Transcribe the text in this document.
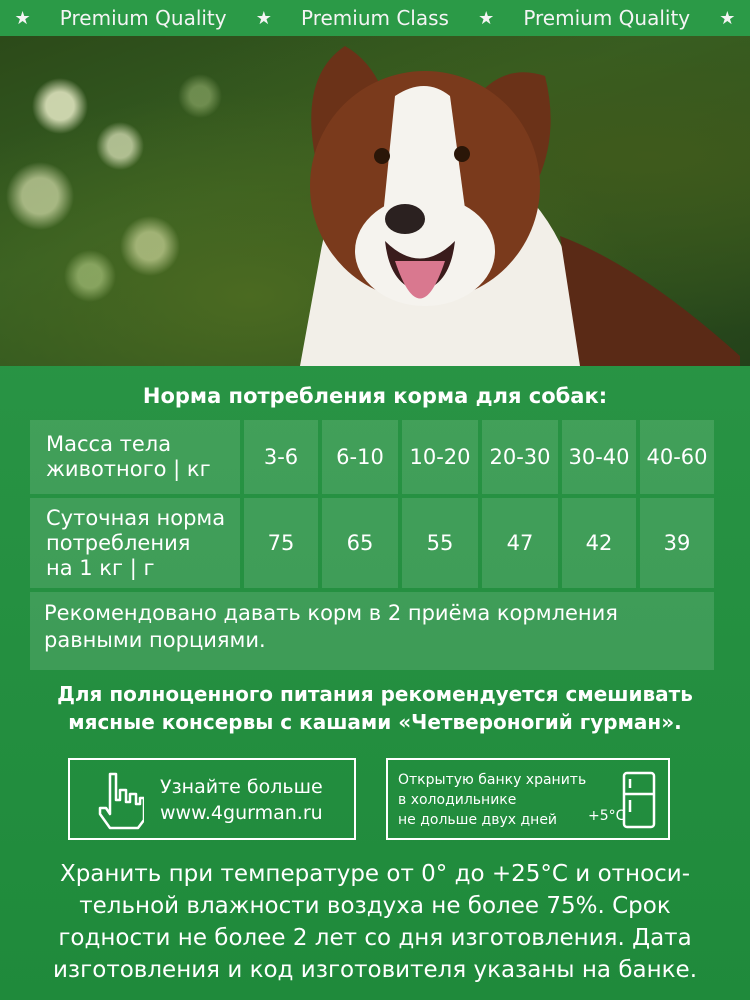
★ Premium Quality ★ Premium Class ★ Premium Quality ★
Норма потребления корма для собак:
Масса тела
животного | кг	3-6	6-10	10-20 20-30 30-40 40-60
Суточная норма
потребления
на 1 кг | г
75	65	55	47	42	39
Рекомендовано давать корм в 2 приёма кормления
равными порциями.
Для полноценного питания рекомендуется смешивать
мясные консервы с кашами «Четвероногий гурман».
Узнайте больше
www.4gurman.ru
Открытую банку хранить
в холодильнике
не дольше двух дней	+5°C
Хранить при температуре от 0° до +25°C и относи-
тельной влажности воздуха не более 75%. Срок
годности не более 2 лет со дня изготовления. Дата
изготовления и код изготовителя указаны на банке.
